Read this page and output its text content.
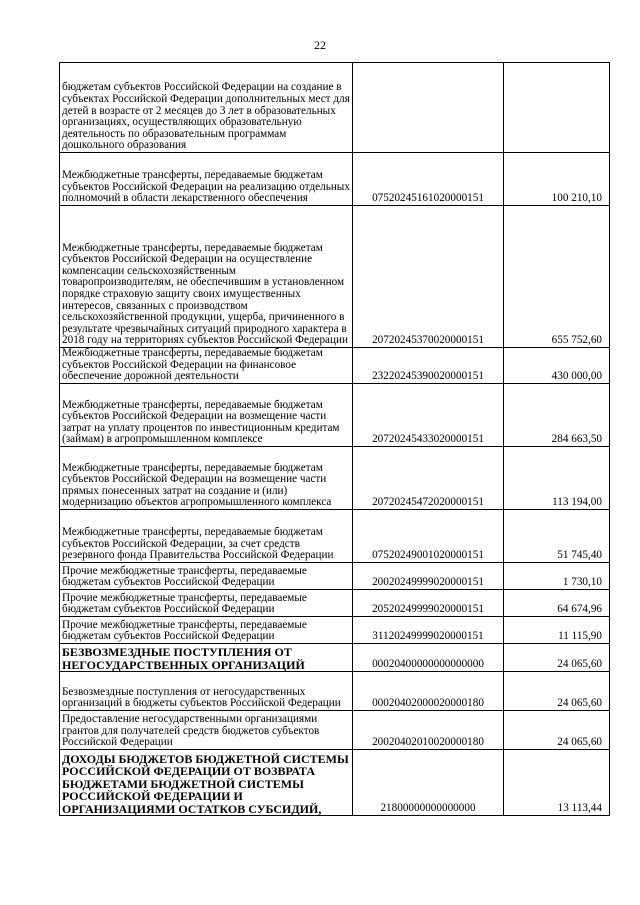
22
бюджетам субъектов Российской Федерации на создание в субъектах Российской Федерации дополнительных мест для детей в возрасте от 2 месяцев до 3 лет в образовательных организациях, осуществляющих образовательную деятельность по образовательным программам дошкольного образования		
Межбюджетные трансферты, передаваемые бюджетам субъектов Российской Федерации на реализацию отдельных полномочий в области лекарственного обеспечения	07520245161020000151	100 210,10
Межбюджетные трансферты, передаваемые бюджетам субъектов Российской Федерации на осуществление компенсации сельскохозяйственным товаропроизводителям, не обеспечившим в установленном порядке страховую защиту своих имущественных интересов, связанных с производством сельскохозяйственной продукции, ущерба, причиненного в результате чрезвычайных ситуаций природного характера в 2018 году на территориях субъектов Российской Федерации	20720245370020000151	655 752,60
Межбюджетные трансферты, передаваемые бюджетам субъектов Российской Федерации на финансовое обеспечение дорожной деятельности	23220245390020000151	430 000,00
Межбюджетные трансферты, передаваемые бюджетам субъектов Российской Федерации на возмещение части затрат на уплату процентов по инвестиционным кредитам (займам) в агропромышленном комплексе	20720245433020000151	284 663,50
Межбюджетные трансферты, передаваемые бюджетам субъектов Российской Федерации на возмещение части прямых понесенных затрат на создание и (или) модернизацию объектов агропромышленного комплекса	20720245472020000151	113 194,00
Межбюджетные трансферты, передаваемые бюджетам субъектов Российской Федерации, за счет средств резервного фонда Правительства Российской Федерации	07520249001020000151	51 745,40
Прочие межбюджетные трансферты, передаваемые бюджетам субъектов Российской Федерации	20020249999020000151	1 730,10
Прочие межбюджетные трансферты, передаваемые бюджетам субъектов Российской Федерации	20520249999020000151	64 674,96
Прочие межбюджетные трансферты, передаваемые бюджетам субъектов Российской Федерации	31120249999020000151	11 115,90
БЕЗВОЗМЕЗДНЫЕ ПОСТУПЛЕНИЯ ОТ НЕГОСУДАРСТВЕННЫХ ОРГАНИЗАЦИЙ	00020400000000000000	24 065,60
Безвозмездные поступления от негосударственных организаций в бюджеты субъектов Российской Федерации	00020402000020000180	24 065,60
Предоставление негосударственными организациями грантов для получателей средств бюджетов субъектов Российской Федерации	20020402010020000180	24 065,60
ДОХОДЫ БЮДЖЕТОВ БЮДЖЕТНОЙ СИСТЕМЫ РОССИЙСКОЙ ФЕДЕРАЦИИ ОТ ВОЗВРАТА БЮДЖЕТАМИ БЮДЖЕТНОЙ СИСТЕМЫ РОССИЙСКОЙ ФЕДЕРАЦИИ И ОРГАНИЗАЦИЯМИ ОСТАТКОВ СУБСИДИЙ,	21800000000000000	13 113,44
